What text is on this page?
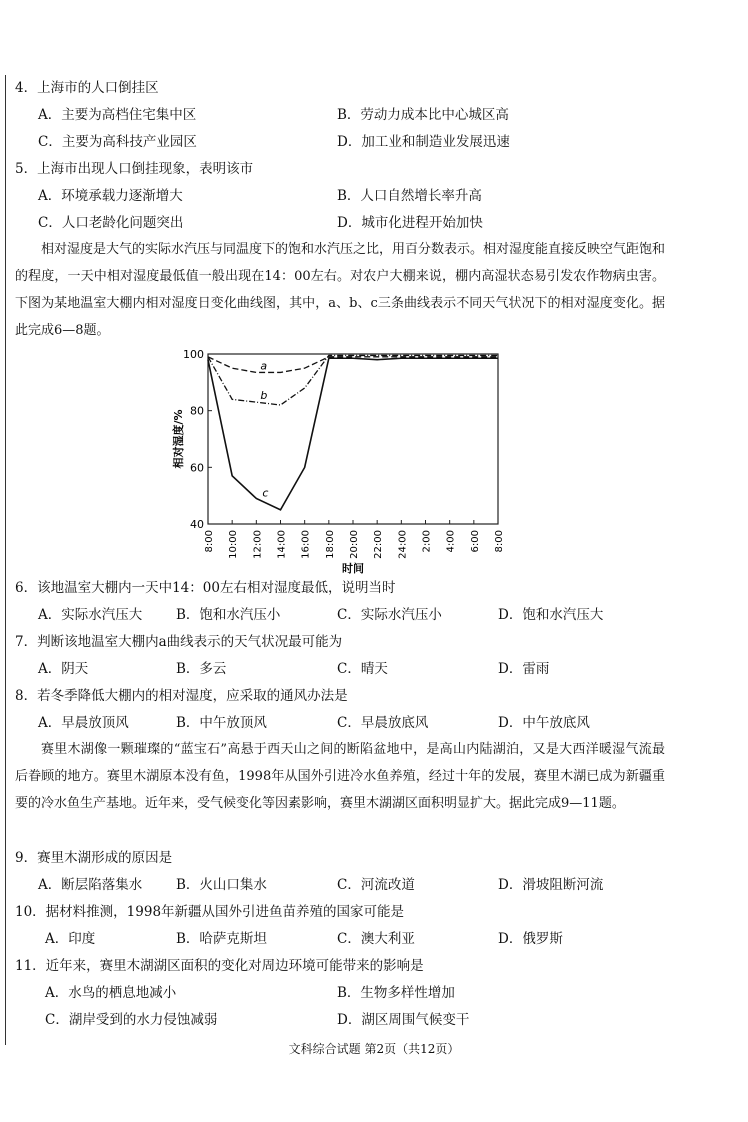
4．上海市的人口倒挂区
A．主要为高档住宅集中区	B．劳动力成本比中心城区高
C．主要为高科技产业园区	D．加工业和制造业发展迅速
5．上海市出现人口倒挂现象，表明该市
A．环境承载力逐渐增大	B．人口自然增长率升高
C．人口老龄化问题突出	D．城市化进程开始加快
相对湿度是大气的实际水汽压与同温度下的饱和水汽压之比，用百分数表示。相对湿度能直接反映空气距饱和的程度，一天中相对湿度最低值一般出现在14：00左右。对农户大棚来说，棚内高湿状态易引发农作物病虫害。下图为某地温室大棚内相对湿度日变化曲线图，其中，a、b、c三条曲线表示不同天气状况下的相对湿度变化。据此完成6—8题。
100
80
60
40
8:00 10:00 12:00 14:00 16:00 18:00 20:00 22:00 24:00 2:00 4:00 6:00 8:00
时间
相对湿度/%
a
b
c
6．该地温室大棚内一天中14：00左右相对湿度最低，说明当时
A．实际水汽压大	B．饱和水汽压小	C．实际水汽压小	D．饱和水汽压大
7．判断该地温室大棚内a曲线表示的天气状况最可能为
A．阴天	B．多云	C．晴天	D．雷雨
8．若冬季降低大棚内的相对湿度，应采取的通风办法是
A．早晨放顶风	B．中午放顶风	C．早晨放底风	D．中午放底风
赛里木湖像一颗璀璨的“蓝宝石”高悬于西天山之间的断陷盆地中，是高山内陆湖泊，又是大西洋暖湿气流最后眷顾的地方。赛里木湖原本没有鱼，1998年从国外引进冷水鱼养殖，经过十年的发展，赛里木湖已成为新疆重要的冷水鱼生产基地。近年来，受气候变化等因素影响，赛里木湖湖区面积明显扩大。据此完成9—11题。
9．赛里木湖形成的原因是
A．断层陷落集水	B．火山口集水	C．河流改道	D．滑坡阻断河流
10．据材料推测，1998年新疆从国外引进鱼苗养殖的国家可能是
A．印度	B．哈萨克斯坦	C．澳大利亚	D．俄罗斯
11．近年来，赛里木湖湖区面积的变化对周边环境可能带来的影响是
A．水鸟的栖息地减小	B．生物多样性增加
C．湖岸受到的水力侵蚀减弱	D．湖区周围气候变干
文科综合试题 第2页（共12页）
